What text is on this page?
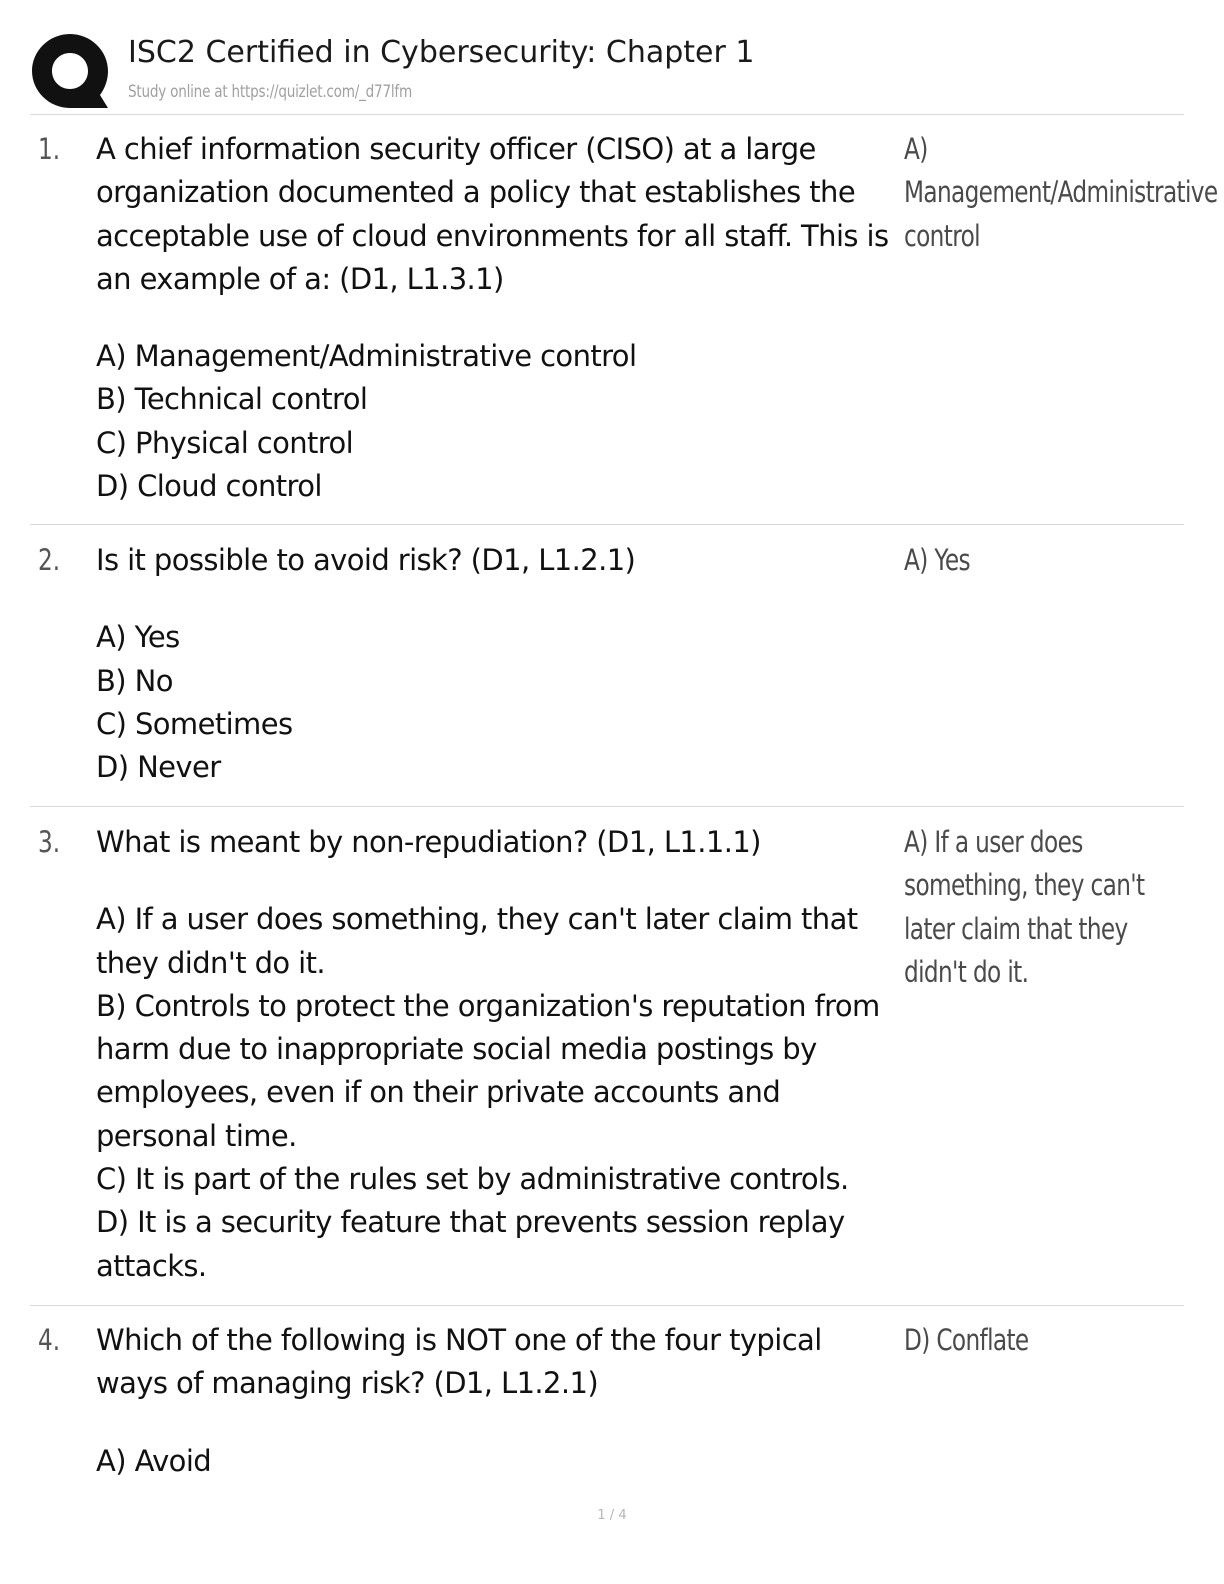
ISC2 Certified in Cybersecurity: Chapter 1
Study online at https://quizlet.com/_d77lfm
1. A chief information security officer (CISO) at a large organization documented a policy that establishes the acceptable use of cloud environments for all staff. This is an example of a: (D1, L1.3.1)
A) Management/Administrative control
B) Technical control
C) Physical control
D) Cloud control
A) Management/Administrative control
2. Is it possible to avoid risk? (D1, L1.2.1)
A) Yes
B) No
C) Sometimes
D) Never
A) Yes
3. What is meant by non-repudiation? (D1, L1.1.1)
A) If a user does something, they can't later claim that they didn't do it.
B) Controls to protect the organization's reputation from harm due to inappropriate social media postings by employees, even if on their private accounts and personal time.
C) It is part of the rules set by administrative controls.
D) It is a security feature that prevents session replay attacks.
A) If a user does something, they can't later claim that they didn't do it.
4. Which of the following is NOT one of the four typical ways of managing risk? (D1, L1.2.1)
A) Avoid
D) Conflate
1 / 4
